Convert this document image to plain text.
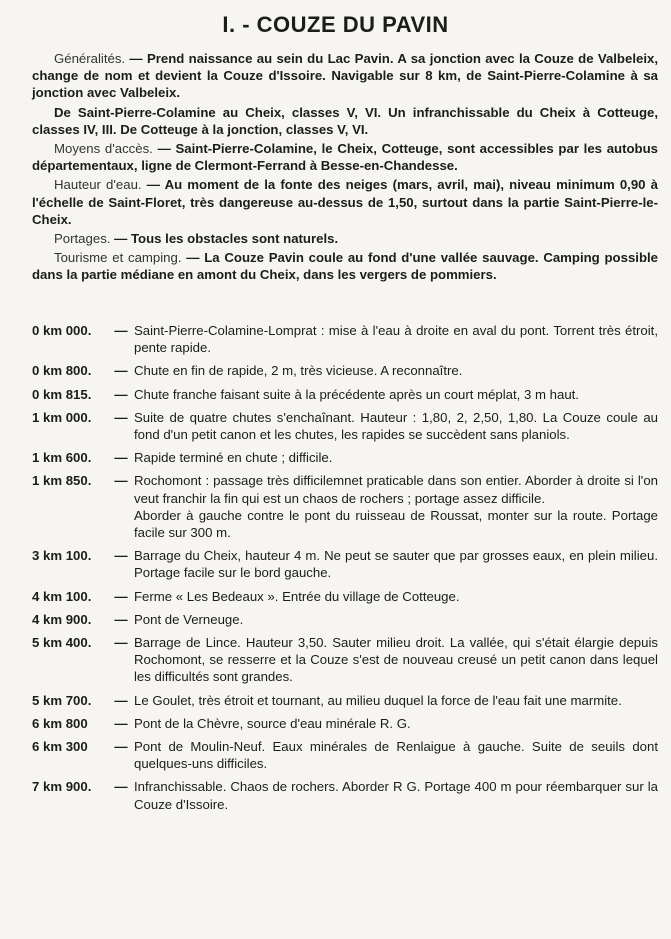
I. - COUZE DU PAVIN

Généralités. — Prend naissance au sein du Lac Pavin. A sa jonction avec la Couze de Valbeleix, change de nom et devient la Couze d'Issoire. Navigable sur 8 km, de Saint-Pierre-Colamine à sa jonction avec Valbeleix.

De Saint-Pierre-Colamine au Cheix, classes V, VI. Un infranchissable du Cheix à Cotteuge, classes IV, III. De Cotteuge à la jonction, classes V, VI.

Moyens d'accès. — Saint-Pierre-Colamine, le Cheix, Cotteuge, sont accessibles par les autobus départementaux, ligne de Clermont-Ferrand à Besse-en-Chandesse.

Hauteur d'eau. — Au moment de la fonte des neiges (mars, avril, mai), niveau minimum 0,90 à l'échelle de Saint-Floret, très dangereuse au-dessus de 1,50, surtout dans la partie Saint-Pierre-le-Cheix.

Portages. — Tous les obstacles sont naturels.

Tourisme et camping. — La Couze Pavin coule au fond d'une vallée sauvage. Camping possible dans la partie médiane en amont du Cheix, dans les vergers de pommiers.

0 km 000.	— Saint-Pierre-Colamine-Lomprat : mise à l'eau à droite en aval du pont. Torrent très étroit, pente rapide.
0 km 800.	— Chute en fin de rapide, 2 m, très vicieuse. A reconnaître.
0 km 815.	— Chute franche faisant suite à la précédente après un court méplat, 3 m haut.
1 km 000.	— Suite de quatre chutes s'enchaînant. Hauteur : 1,80, 2, 2,50, 1,80. La Couze coule au fond d'un petit canon et les chutes, les rapides se succèdent sans planiols.
1 km 600.	— Rapide terminé en chute ; difficile.
1 km 850.	— Rochomont : passage très difficilemnet praticable dans son entier. Aborder à droite si l'on veut franchir la fin qui est un chaos de rochers ; portage assez difficile.
Aborder à gauche contre le pont du ruisseau de Roussat, monter sur la route. Portage facile sur 300 m.
3 km 100.	— Barrage du Cheix, hauteur 4 m. Ne peut se sauter que par grosses eaux, en plein milieu. Portage facile sur le bord gauche.
4 km 100.	— Ferme « Les Bedeaux ». Entrée du village de Cotteuge.
4 km 900.	— Pont de Verneuge.
5 km 400.	— Barrage de Lince. Hauteur 3,50. Sauter milieu droit. La vallée, qui s'était élargie depuis Rochomont, se resserre et la Couze s'est de nouveau creusé un petit canon dans lequel les difficultés sont grandes.
5 km 700.	— Le Goulet, très étroit et tournant, au milieu duquel la force de l'eau fait une marmite.
6 km 800	— Pont de la Chèvre, source d'eau minérale R. G.
6 km 300	— Pont de Moulin-Neuf. Eaux minérales de Renlaigue à gauche. Suite de seuils dont quelques-uns difficiles.
7 km 900.	— Infranchissable. Chaos de rochers. Aborder R G. Portage 400 m pour réembarquer sur la Couze d'Issoire.
